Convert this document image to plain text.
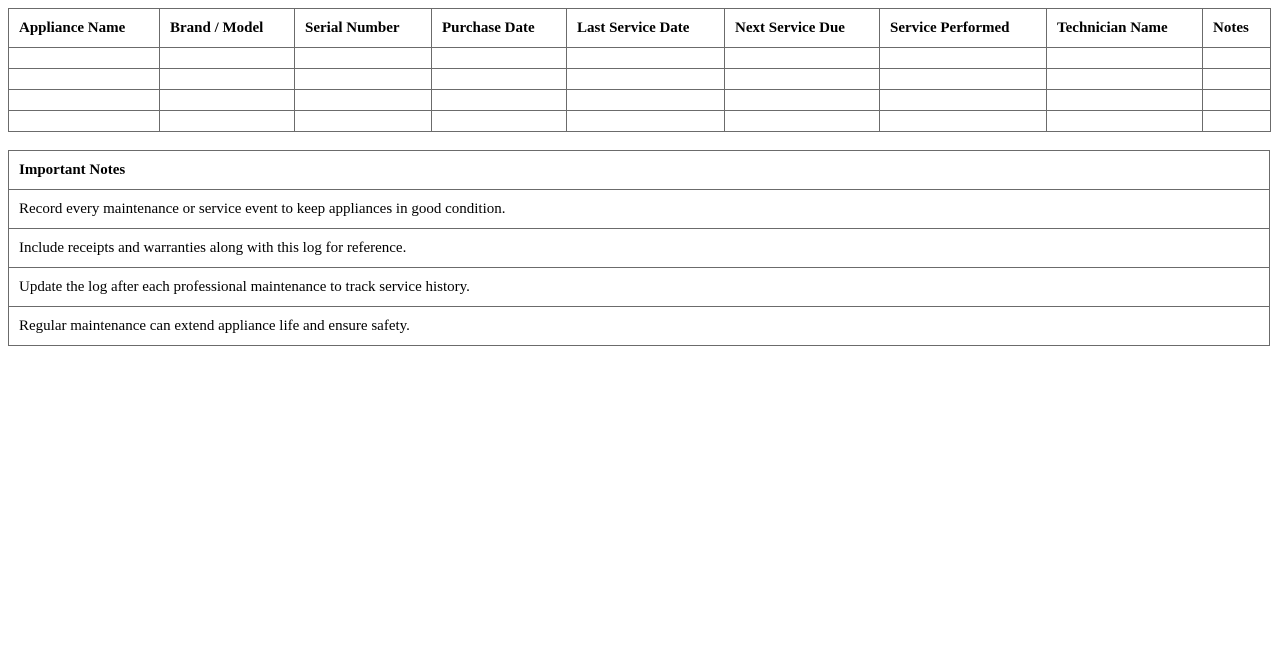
Appliance Name	Brand / Model	Serial Number	Purchase Date	Last Service Date	Next Service Due	Service Performed	Technician Name	Notes

Important Notes
Record every maintenance or service event to keep appliances in good condition.
Include receipts and warranties along with this log for reference.
Update the log after each professional maintenance to track service history.
Regular maintenance can extend appliance life and ensure safety.
